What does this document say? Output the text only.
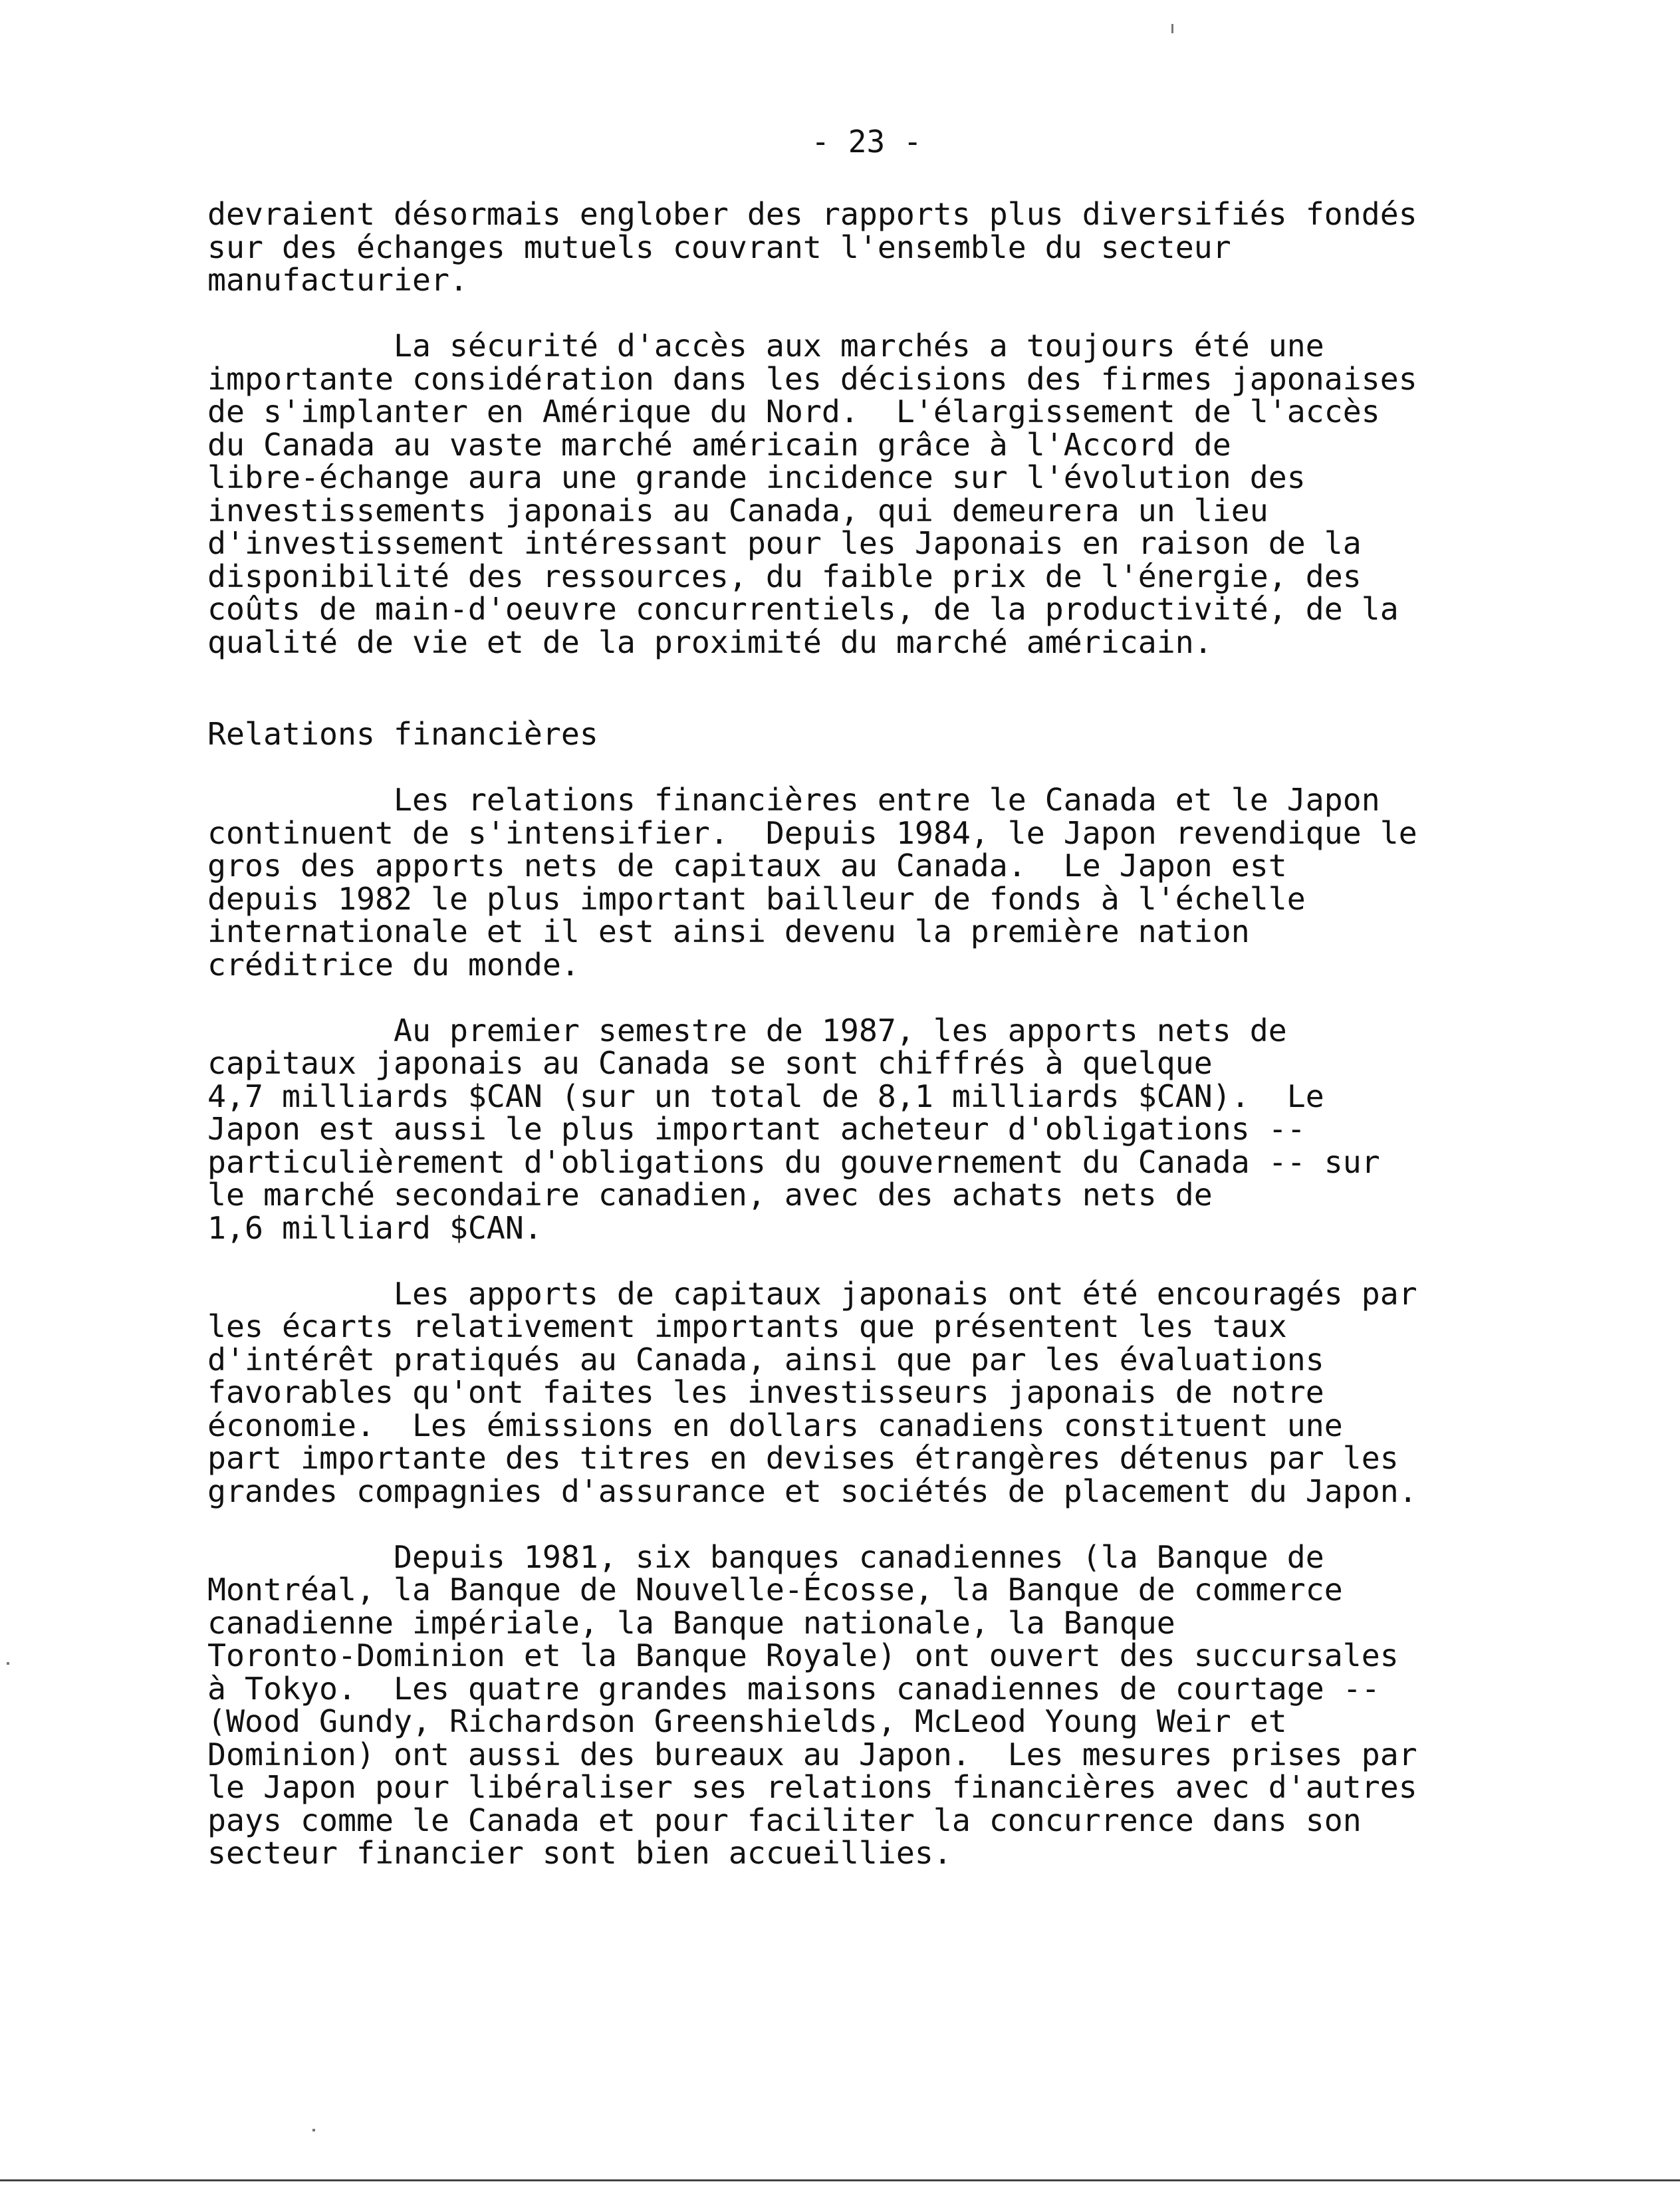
- 23 -
devraient désormais englober des rapports plus diversifiés fondés
sur des échanges mutuels couvrant l'ensemble du secteur
manufacturier.
La sécurité d'accès aux marchés a toujours été une
importante considération dans les décisions des firmes japonaises
de s'implanter en Amérique du Nord.  L'élargissement de l'accès
du Canada au vaste marché américain grâce à l'Accord de
libre-échange aura une grande incidence sur l'évolution des
investissements japonais au Canada, qui demeurera un lieu
d'investissement intéressant pour les Japonais en raison de la
disponibilité des ressources, du faible prix de l'énergie, des
coûts de main-d'oeuvre concurrentiels, de la productivité, de la
qualité de vie et de la proximité du marché américain.
Relations financières
Les relations financières entre le Canada et le Japon
continuent de s'intensifier.  Depuis 1984, le Japon revendique le
gros des apports nets de capitaux au Canada.  Le Japon est
depuis 1982 le plus important bailleur de fonds à l'échelle
internationale et il est ainsi devenu la première nation
créditrice du monde.
Au premier semestre de 1987, les apports nets de
capitaux japonais au Canada se sont chiffrés à quelque
4,7 milliards $CAN (sur un total de 8,1 milliards $CAN).  Le
Japon est aussi le plus important acheteur d'obligations --
particulièrement d'obligations du gouvernement du Canada -- sur
le marché secondaire canadien, avec des achats nets de
1,6 milliard $CAN.
Les apports de capitaux japonais ont été encouragés par
les écarts relativement importants que présentent les taux
d'intérêt pratiqués au Canada, ainsi que par les évaluations
favorables qu'ont faites les investisseurs japonais de notre
économie.  Les émissions en dollars canadiens constituent une
part importante des titres en devises étrangères détenus par les
grandes compagnies d'assurance et sociétés de placement du Japon.
Depuis 1981, six banques canadiennes (la Banque de
Montréal, la Banque de Nouvelle-Écosse, la Banque de commerce
canadienne impériale, la Banque nationale, la Banque
Toronto-Dominion et la Banque Royale) ont ouvert des succursales
à Tokyo.  Les quatre grandes maisons canadiennes de courtage --
(Wood Gundy, Richardson Greenshields, McLeod Young Weir et
Dominion) ont aussi des bureaux au Japon.  Les mesures prises par
le Japon pour libéraliser ses relations financières avec d'autres
pays comme le Canada et pour faciliter la concurrence dans son
secteur financier sont bien accueillies.
